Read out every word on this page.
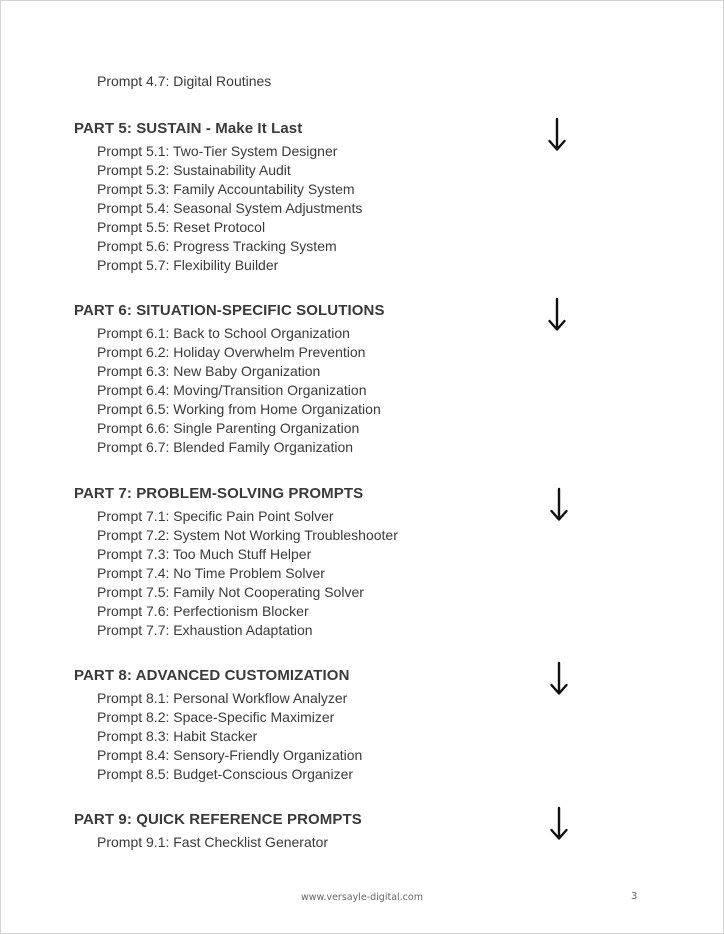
Prompt 4.7: Digital Routines
PART 5: SUSTAIN - Make It Last
Prompt 5.1: Two-Tier System Designer
Prompt 5.2: Sustainability Audit
Prompt 5.3: Family Accountability System
Prompt 5.4: Seasonal System Adjustments
Prompt 5.5: Reset Protocol
Prompt 5.6: Progress Tracking System
Prompt 5.7: Flexibility Builder
PART 6: SITUATION-SPECIFIC SOLUTIONS
Prompt 6.1: Back to School Organization
Prompt 6.2: Holiday Overwhelm Prevention
Prompt 6.3: New Baby Organization
Prompt 6.4: Moving/Transition Organization
Prompt 6.5: Working from Home Organization
Prompt 6.6: Single Parenting Organization
Prompt 6.7: Blended Family Organization
PART 7: PROBLEM-SOLVING PROMPTS
Prompt 7.1: Specific Pain Point Solver
Prompt 7.2: System Not Working Troubleshooter
Prompt 7.3: Too Much Stuff Helper
Prompt 7.4: No Time Problem Solver
Prompt 7.5: Family Not Cooperating Solver
Prompt 7.6: Perfectionism Blocker
Prompt 7.7: Exhaustion Adaptation
PART 8: ADVANCED CUSTOMIZATION
Prompt 8.1: Personal Workflow Analyzer
Prompt 8.2: Space-Specific Maximizer
Prompt 8.3: Habit Stacker
Prompt 8.4: Sensory-Friendly Organization
Prompt 8.5: Budget-Conscious Organizer
PART 9: QUICK REFERENCE PROMPTS
Prompt 9.1: Fast Checklist Generator
www.versayle-digital.com	3
